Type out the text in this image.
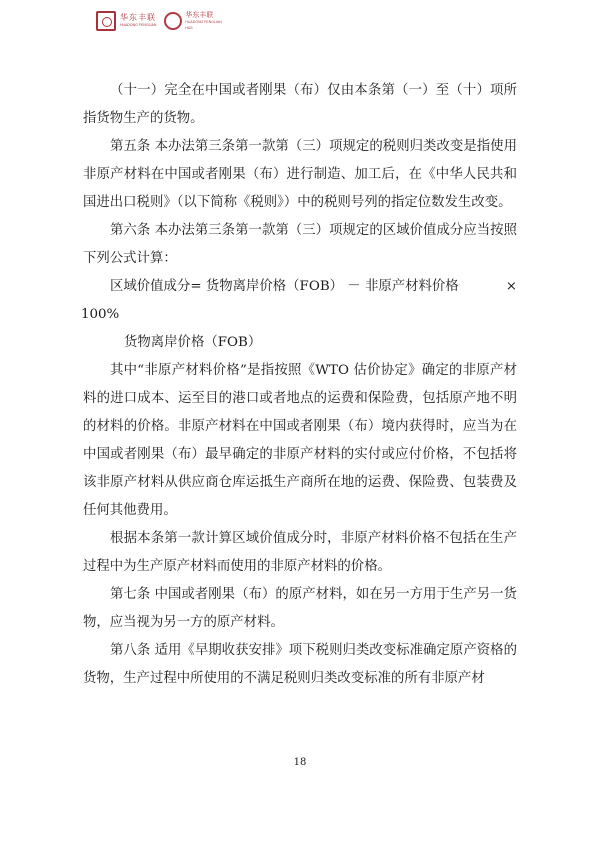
华东丰联
HUADONG FENGLIAN
华东丰联
HUADONG FENGLIAN
H&S

（十一）完全在中国或者刚果（布）仅由本条第（一）至（十）项所指货物生产的货物。

第五条 本办法第三条第一款第（三）项规定的税则归类改变是指使用非原产材料在中国或者刚果（布）进行制造、加工后，在《中华人民共和国进出口税则》（以下简称《税则》）中的税则号列的指定位数发生改变。

第六条 本办法第三条第一款第（三）项规定的区域价值成分应当按照下列公式计算：

区域价值成分= 货物离岸价格（FOB） － 非原产材料价格	×

100%

货物离岸价格（FOB）

其中“非原产材料价格”是指按照《WTO 估价协定》确定的非原产材料的进口成本、运至目的港口或者地点的运费和保险费，包括原产地不明的材料的价格。非原产材料在中国或者刚果（布）境内获得时，应当为在中国或者刚果（布）最早确定的非原产材料的实付或应付价格，不包括将该非原产材料从供应商仓库运抵生产商所在地的运费、保险费、包装费及任何其他费用。

根据本条第一款计算区域价值成分时，非原产材料价格不包括在生产过程中为生产原产材料而使用的非原产材料的价格。

第七条 中国或者刚果（布）的原产材料，如在另一方用于生产另一货物，应当视为另一方的原产材料。

第八条 适用《早期收获安排》项下税则归类改变标准确定原产资格的货物，生产过程中所使用的不满足税则归类改变标准的所有非原产材

18
